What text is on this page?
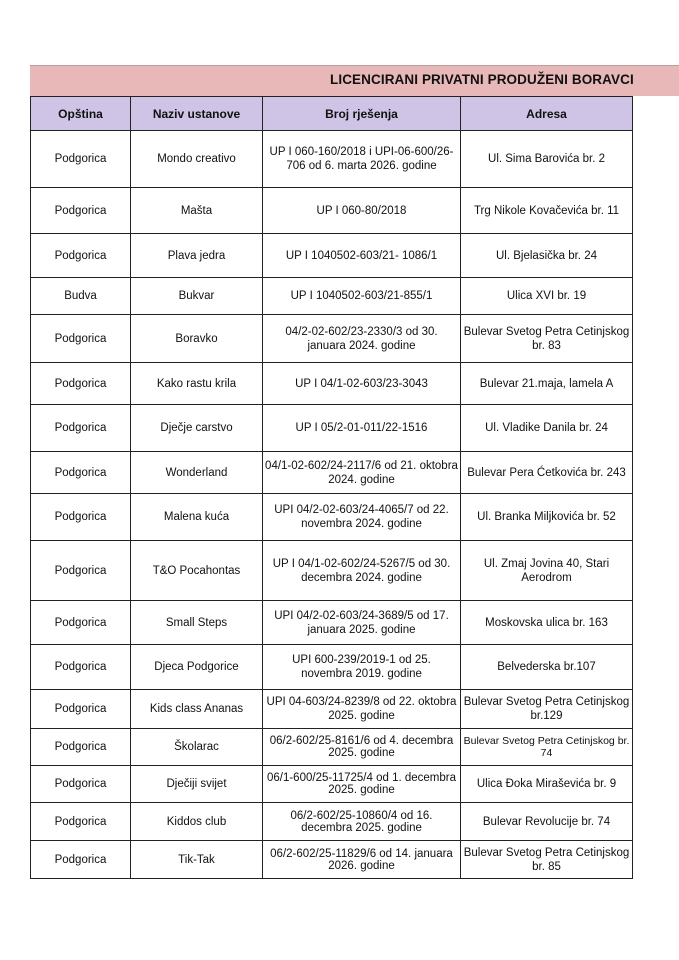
LICENCIRANI PRIVATNI PRODUŽENI BORAVCI
Opština	Naziv ustanove	Broj rješenja	Adresa
Podgorica	Mondo creativo	UP I 060-160/2018 i UPI-06-600/26-706 od 6. marta 2026. godine	Ul. Sima Barovića br. 2
Podgorica	Mašta	UP I 060-80/2018	Trg Nikole Kovačevića br. 11
Podgorica	Plava jedra	UP I 1040502-603/21- 1086/1	Ul. Bjelasička br. 24
Budva	Bukvar	UP I 1040502-603/21-855/1	Ulica XVI br. 19
Podgorica	Boravko	04/2-02-602/23-2330/3 od 30. januara 2024. godine	Bulevar Svetog Petra Cetinjskog br. 83
Podgorica	Kako rastu krila	UP I 04/1-02-603/23-3043	Bulevar 21.maja, lamela A
Podgorica	Dječje carstvo	UP I 05/2-01-011/22-1516	Ul. Vladike Danila br. 24
Podgorica	Wonderland	04/1-02-602/24-2117/6 od 21. oktobra 2024. godine	Bulevar Pera Ćetkovića br. 243
Podgorica	Malena kuća	UPI 04/2-02-603/24-4065/7 od 22. novembra 2024. godine	Ul. Branka Miljkovića br. 52
Podgorica	T&O Pocahontas	UP I 04/1-02-602/24-5267/5 od 30. decembra 2024. godine	Ul. Zmaj Jovina 40, Stari Aerodrom
Podgorica	Small Steps	UPI 04/2-02-603/24-3689/5 od 17. januara 2025. godine	Moskovska ulica br. 163
Podgorica	Djeca Podgorice	UPI 600-239/2019-1 od 25. novembra 2019. godine	Belvederska br.107
Podgorica	Kids class Ananas	UPI 04-603/24-8239/8 od 22. oktobra 2025. godine	Bulevar Svetog Petra Cetinjskog br.129
Podgorica	Školarac	06/2-602/25-8161/6 od 4. decembra 2025. godine	Bulevar Svetog Petra Cetinjskog br. 74
Podgorica	Dječiji svijet	06/1-600/25-11725/4 od 1. decembra 2025. godine	Ulica Đoka Miraševića br. 9
Podgorica	Kiddos club	06/2-602/25-10860/4 od 16. decembra 2025. godine	Bulevar Revolucije br. 74
Podgorica	Tik-Tak	06/2-602/25-11829/6 od 14. januara 2026. godine	Bulevar Svetog Petra Cetinjskog br. 85
